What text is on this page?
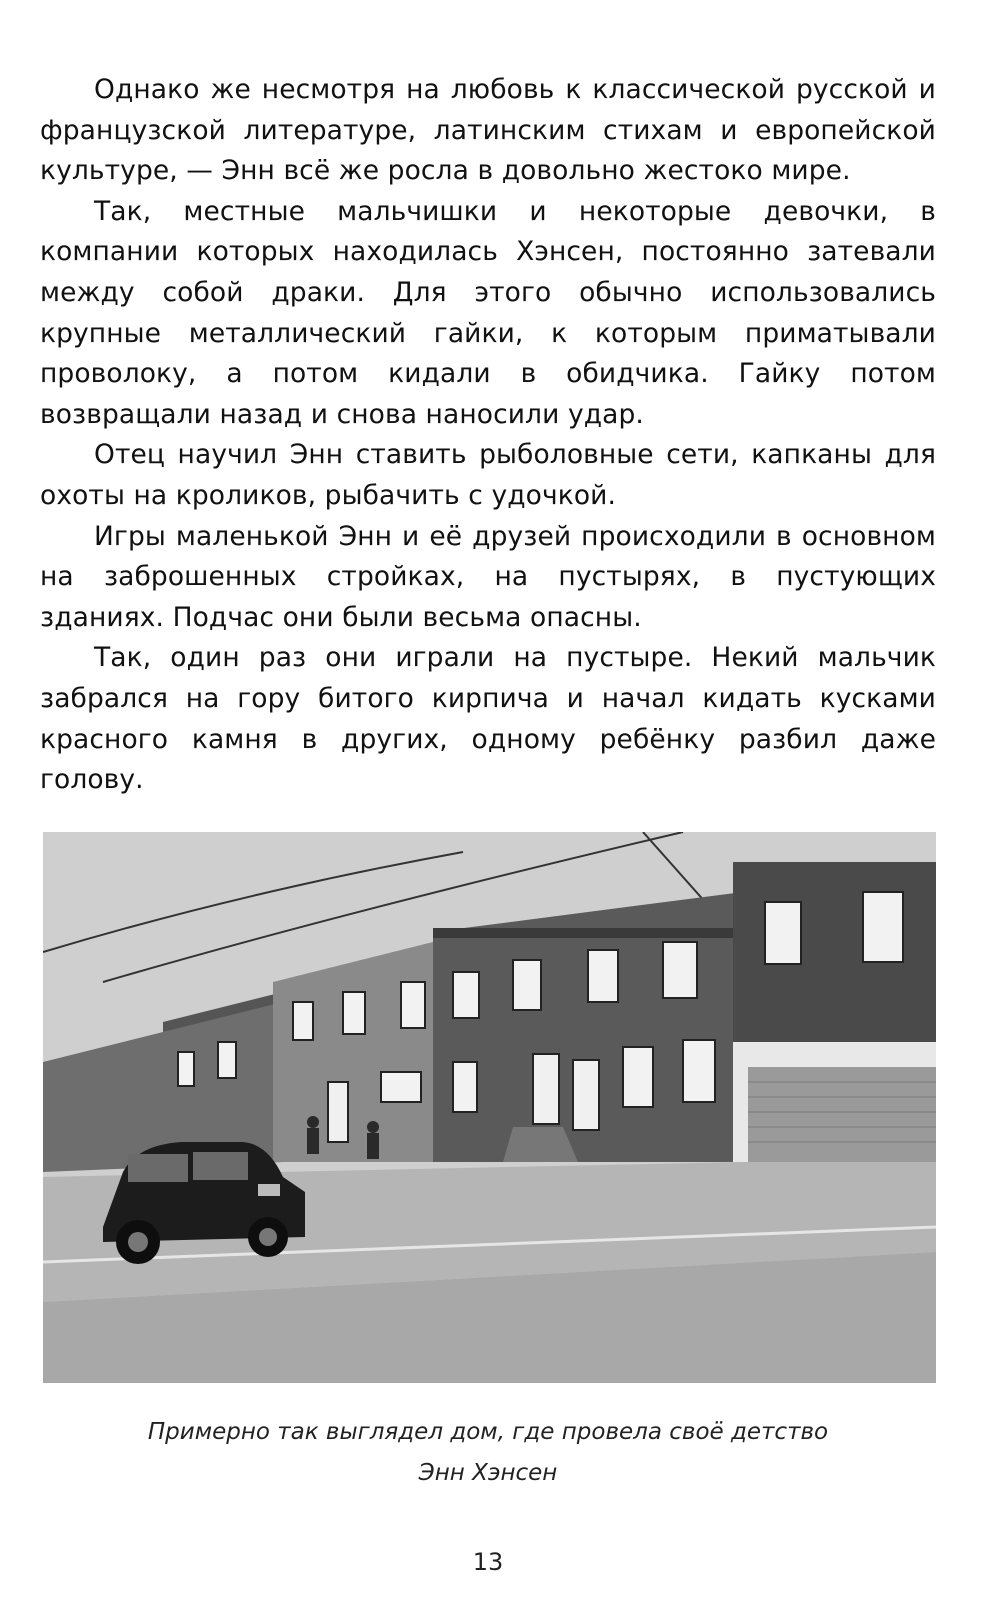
Однако же несмотря на любовь к классической русской и французской литературе, латинским стихам и европейской культуре, — Энн всё же росла в довольно жестоко мире.

Так, местные мальчишки и некоторые девочки, в компании которых находилась Хэнсен, постоянно затевали между собой драки. Для этого обычно использовались крупные металлический гайки, к которым приматывали проволоку, а потом кидали в обидчика. Гайку потом возвращали назад и снова наносили удар.

Отец научил Энн ставить рыболовные сети, капканы для охоты на кроликов, рыбачить с удочкой.

Игры маленькой Энн и её друзей происходили в основном на заброшенных стройках, на пустырях, в пустующих зданиях. Подчас они были весьма опасны.

Так, один раз они играли на пустыре. Некий мальчик забрался на гору битого кирпича и начал кидать кусками красного камня в других, одному ребёнку разбил даже голову.

Примерно так выглядел дом, где провела своё детство
Энн Хэнсен
13
